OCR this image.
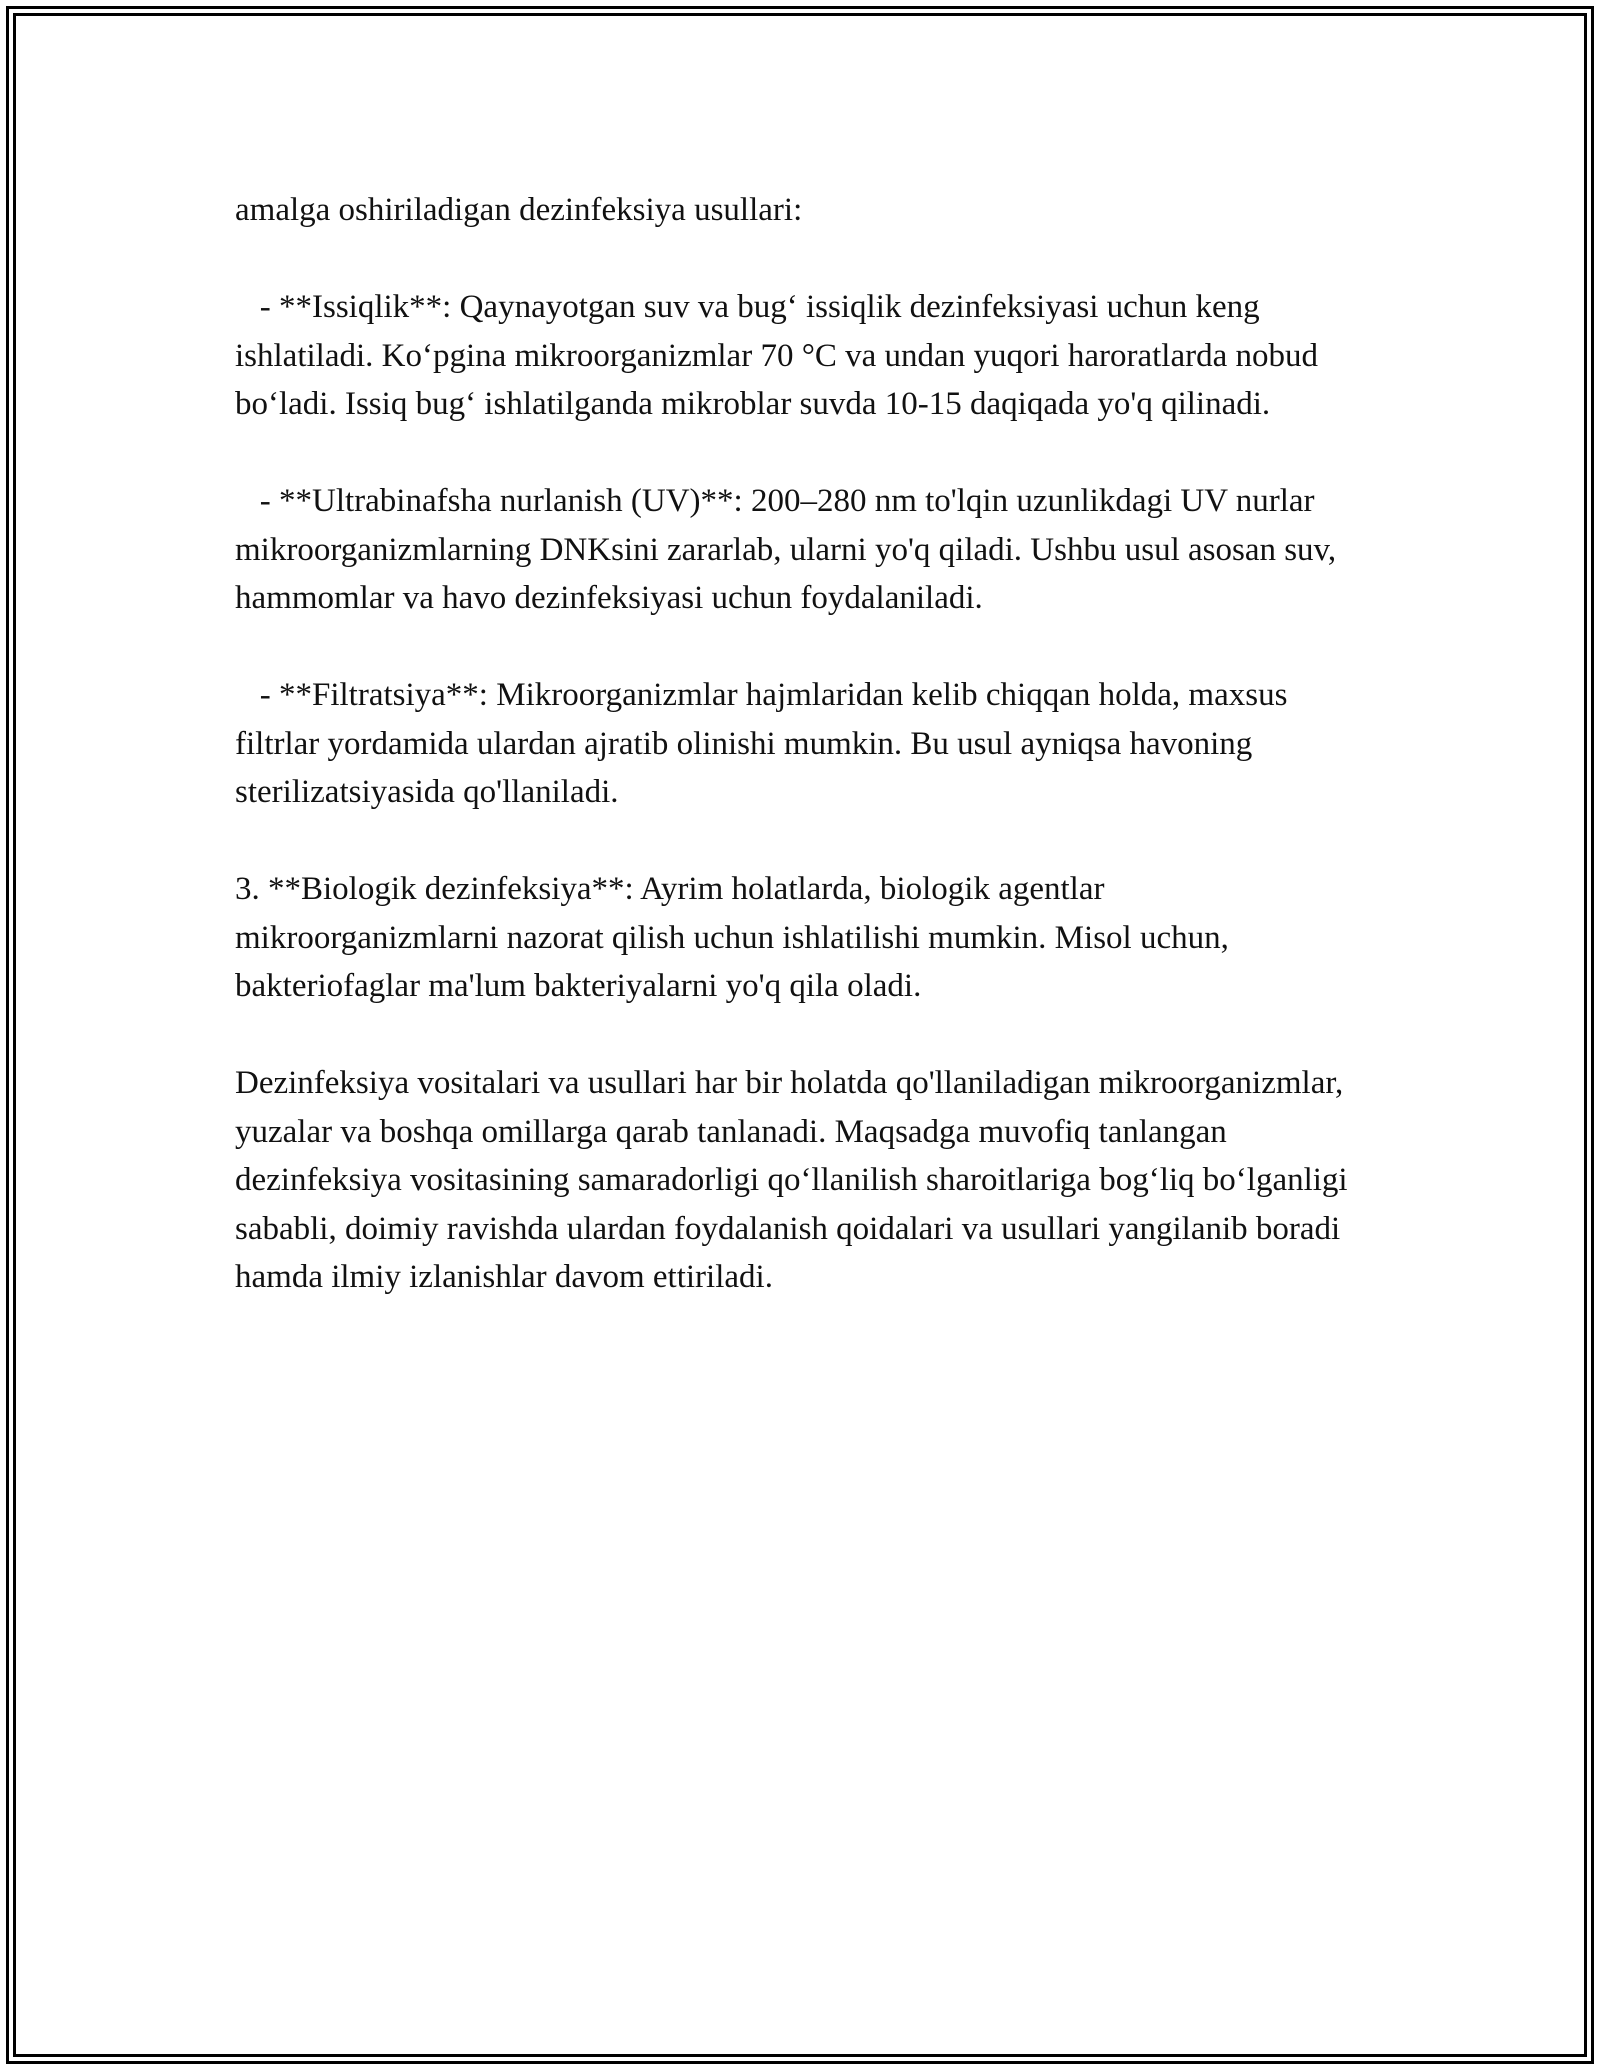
amalga oshiriladigan dezinfeksiya usullari:

- **Issiqlik**: Qaynayotgan suv va bug‘ issiqlik dezinfeksiyasi uchun keng ishlatiladi. Ko‘pgina mikroorganizmlar 70 °C va undan yuqori haroratlarda nobud bo‘ladi. Issiq bug‘ ishlatilganda mikroblar suvda 10-15 daqiqada yo'q qilinadi.

- **Ultrabinafsha nurlanish (UV)**: 200–280 nm to'lqin uzunlikdagi UV nurlar mikroorganizmlarning DNKsini zararlab, ularni yo'q qiladi. Ushbu usul asosan suv, hammomlar va havo dezinfeksiyasi uchun foydalaniladi.

- **Filtratsiya**: Mikroorganizmlar hajmlaridan kelib chiqqan holda, maxsus filtrlar yordamida ulardan ajratib olinishi mumkin. Bu usul ayniqsa havoning sterilizatsiyasida qo'llaniladi.

3. **Biologik dezinfeksiya**: Ayrim holatlarda, biologik agentlar mikroorganizmlarni nazorat qilish uchun ishlatilishi mumkin. Misol uchun, bakteriofaglar ma'lum bakteriyalarni yo'q qila oladi.

Dezinfeksiya vositalari va usullari har bir holatda qo'llaniladigan mikroorganizmlar, yuzalar va boshqa omillarga qarab tanlanadi. Maqsadga muvofiq tanlangan dezinfeksiya vositasining samaradorligi qo‘llanilish sharoitlariga bog‘liq bo‘lganligi sababli, doimiy ravishda ulardan foydalanish qoidalari va usullari yangilanib boradi hamda ilmiy izlanishlar davom ettiriladi.
